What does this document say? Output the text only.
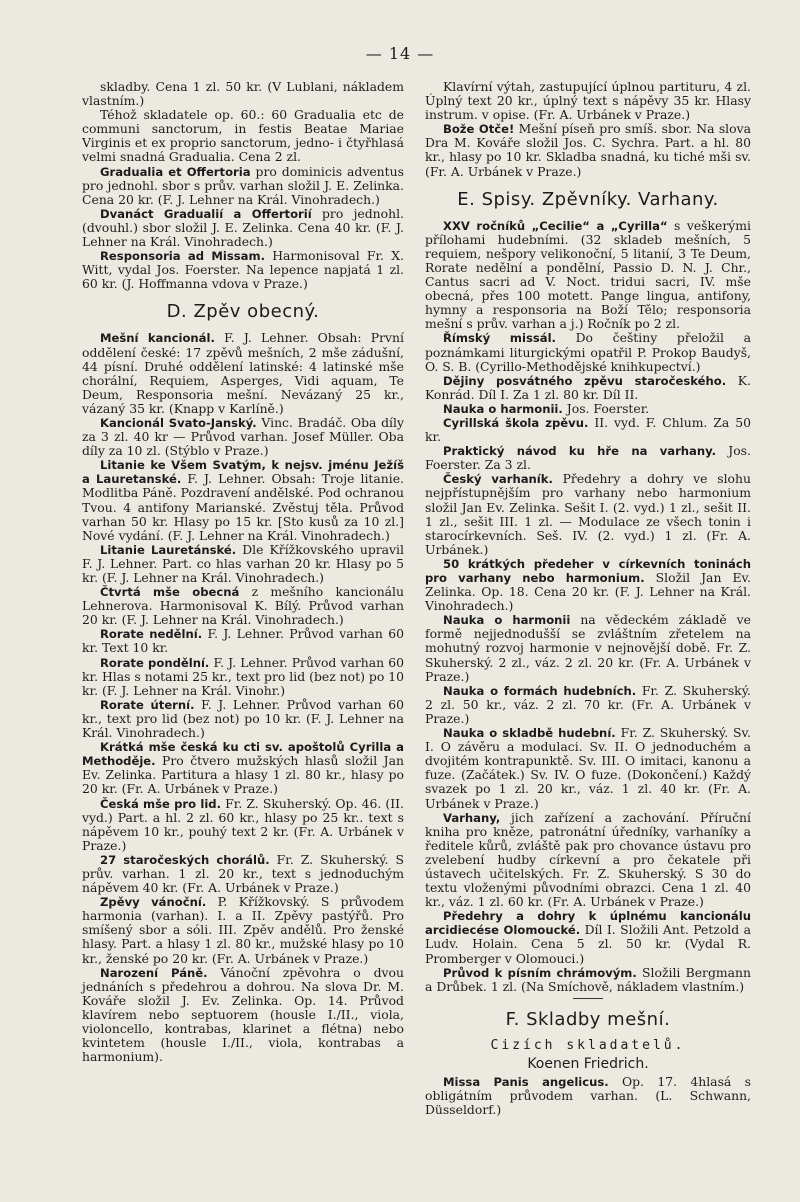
— 14 —

skladby. Cena 1 zl. 50 kr. (V Lublani, nákladem vlastním.)

Téhož skladatele op. 60.: 60 Gradualia etc de communi sanctorum, in festis Beatae Mariae Virginis et ex proprio sanctorum, jedno- i čtyřhlasá velmi snadná Gradualia. Cena 2 zl.

Gradualia et Offertoria pro dominicis adventus pro jednohl. sbor s prův. varhan složil J. E. Zelinka. Cena 20 kr. (F. J. Lehner na Král. Vinohradech.)

Dvanáct Gradualií a Offertorií pro jednohl. (dvouhl.) sbor složil J. E. Zelinka. Cena 40 kr. (F. J. Lehner na Král. Vinohradech.)

Responsoria ad Missam. Harmonisoval Fr. X. Witt, vydal Jos. Foerster. Na lepence napjatá 1 zl. 60 kr. (J. Hoffmanna vdova v Praze.)

D. Zpěv obecný.

Mešní kancionál. F. J. Lehner. Obsah: První oddělení české: 17 zpěvů mešních, 2 mše zádušní, 44 písní. Druhé oddělení latinské: 4 latinské mše chorální, Requiem, Asperges, Vidi aquam, Te Deum, Responsoria mešní. Nevázaný 25 kr., vázaný 35 kr. (Knapp v Karlíně.)

Kancionál Svato-Janský. Vinc. Bradáč. Oba díly za 3 zl. 40 kr — Průvod varhan. Josef Müller. Oba díly za 10 zl. (Stýblo v Praze.)

Litanie ke Všem Svatým, k nejsv. jménu Ježíš a Lauretanské. F. J. Lehner. Obsah: Troje litanie. Modlitba Páně. Pozdravení andělské. Pod ochranou Tvou. 4 antifony Marianské. Zvěstuj těla. Průvod varhan 50 kr. Hlasy po 15 kr. [Sto kusů za 10 zl.] Nové vydání. (F. J. Lehner na Král. Vinohradech.)

Litanie Lauretánské. Dle Křížkovského upravil F. J. Lehner. Part. co hlas varhan 20 kr. Hlasy po 5 kr. (F. J. Lehner na Král. Vinohradech.)

Čtvrtá mše obecná z mešního kancionálu Lehnerova. Harmonisoval K. Bílý. Průvod varhan 20 kr. (F. J. Lehner na Král. Vinohradech.)

Rorate nedělní. F. J. Lehner. Průvod varhan 60 kr. Text 10 kr.

Rorate pondělní. F. J. Lehner. Průvod varhan 60 kr. Hlas s notami 25 kr., text pro lid (bez not) po 10 kr. (F. J. Lehner na Král. Vinohr.)

Rorate úterní. F. J. Lehner. Průvod varhan 60 kr., text pro lid (bez not) po 10 kr. (F. J. Lehner na Král. Vinohradech.)

Krátká mše česká ku cti sv. apoštolů Cyrilla a Methoděje. Pro čtvero mužských hlasů složil Jan Ev. Zelinka. Partitura a hlasy 1 zl. 80 kr., hlasy po 20 kr. (Fr. A. Urbánek v Praze.)

Česká mše pro lid. Fr. Z. Skuherský. Op. 46. (II. vyd.) Part. a hl. 2 zl. 60 kr., hlasy po 25 kr.. text s nápěvem 10 kr., pouhý text 2 kr. (Fr. A. Urbánek v Praze.)

27 staročeských chorálů. Fr. Z. Skuherský. S prův. varhan. 1 zl. 20 kr., text s jednoduchým nápěvem 40 kr. (Fr. A. Urbánek v Praze.)

Zpěvy vánoční. P. Křížkovský. S průvodem harmonia (varhan). I. a II. Zpěvy pastýřů. Pro smíšený sbor a sóli. III. Zpěv andělů. Pro ženské hlasy. Part. a hlasy 1 zl. 80 kr., mužské hlasy po 10 kr., ženské po 20 kr. (Fr. A. Urbánek v Praze.)

Narození Páně. Vánoční zpěvohra o dvou jednáních s předehrou a dohrou. Na slova Dr. M. Kováře složil J. Ev. Zelinka. Op. 14. Průvod klavírem nebo septuorem (housle I./II., viola, violoncello, kontrabas, klarinet a flétna) nebo kvintetem (housle I./II., viola, kontrabas a harmonium).

Klavírní výtah, zastupující úplnou partituru, 4 zl. Úplný text 20 kr., úplný text s nápěvy 35 kr. Hlasy instrum. v opise. (Fr. A. Urbánek v Praze.)

Bože Otče! Mešní píseň pro smíš. sbor. Na slova Dra M. Kováře složil Jos. C. Sychra. Part. a hl. 80 kr., hlasy po 10 kr. Skladba snadná, ku tiché mši sv. (Fr. A. Urbánek v Praze.)

E. Spisy. Zpěvníky. Varhany.

XXV ročníků „Cecilie“ a „Cyrilla“ s veškerými přílohami hudebními. (32 skladeb mešních, 5 requiem, nešpory velikonoční, 5 litanií, 3 Te Deum, Rorate nedělní a pondělní, Passio D. N. J. Chr., Cantus sacri ad V. Noct. tridui sacri, IV. mše obecná, přes 100 motett. Pange lingua, antifony, hymny a responsoria na Boží Tělo; responsoria mešní s prův. varhan a j.) Ročník po 2 zl.

Římský missál. Do češtiny přeložil a poznámkami liturgickými opatřil P. Prokop Baudyš, O. S. B. (Cyrillo-Methodějské knihkupectví.)

Dějiny posvátného zpěvu staročeského. K. Konrád. Díl I. Za 1 zl. 80 kr. Díl II.

Nauka o harmonii. Jos. Foerster.

Cyrillská škola zpěvu. II. vyd. F. Chlum. Za 50 kr.

Praktický návod ku hře na varhany. Jos. Foerster. Za 3 zl.

Český varhaník. Předehry a dohry ve slohu nejpřístupnějším pro varhany nebo harmonium složil Jan Ev. Zelinka. Sešit I. (2. vyd.) 1 zl., sešit II. 1 zl., sešit III. 1 zl. — Modulace ze všech tonin i starocírkevních. Seš. IV. (2. vyd.) 1 zl. (Fr. A. Urbánek.)

50 krátkých předeher v církevních toninách pro varhany nebo harmonium. Složil Jan Ev. Zelinka. Op. 18. Cena 20 kr. (F. J. Lehner na Král. Vinohradech.)

Nauka o harmonii na vědeckém základě ve formě nejjednodušší se zvláštním zřetelem na mohutný rozvoj harmonie v nejnovější době. Fr. Z. Skuherský. 2 zl., váz. 2 zl. 20 kr. (Fr. A. Urbánek v Praze.)

Nauka o formách hudebních. Fr. Z. Skuherský. 2 zl. 50 kr., váz. 2 zl. 70 kr. (Fr. A. Urbánek v Praze.)

Nauka o skladbě hudební. Fr. Z. Skuherský. Sv. I. O závěru a modulaci. Sv. II. O jednoduchém a dvojitém kontrapunktě. Sv. III. O imitaci, kanonu a fuze. (Začátek.) Sv. IV. O fuze. (Dokončení.) Každý svazek po 1 zl. 20 kr., váz. 1 zl. 40 kr. (Fr. A. Urbánek v Praze.)

Varhany, jich zařízení a zachování. Příruční kniha pro kněze, patronátní úředníky, varhaníky a ředitele kůrů, zvláště pak pro chovance ústavu pro zvelebení hudby církevní a pro čekatele při ústavech učitelských. Fr. Z. Skuherský. S 30 do textu vloženými původními obrazci. Cena 1 zl. 40 kr., váz. 1 zl. 60 kr. (Fr. A. Urbánek v Praze.)

Předehry a dohry k úplnému kancionálu arcidiecése Olomoucké. Díl I. Složili Ant. Petzold a Ludv. Holain. Cena 5 zl. 50 kr. (Vydal R. Promberger v Olomouci.)

Průvod k písním chrámovým. Složili Bergmann a Drůbek. 1 zl. (Na Smíchově, nákladem vlastním.)

F. Skladby mešní.
Cizích skladatelů.
Koenen Friedrich.

Missa Panis angelicus. Op. 17. 4hlasá s obligátním průvodem varhan. (L. Schwann, Düsseldorf.)
